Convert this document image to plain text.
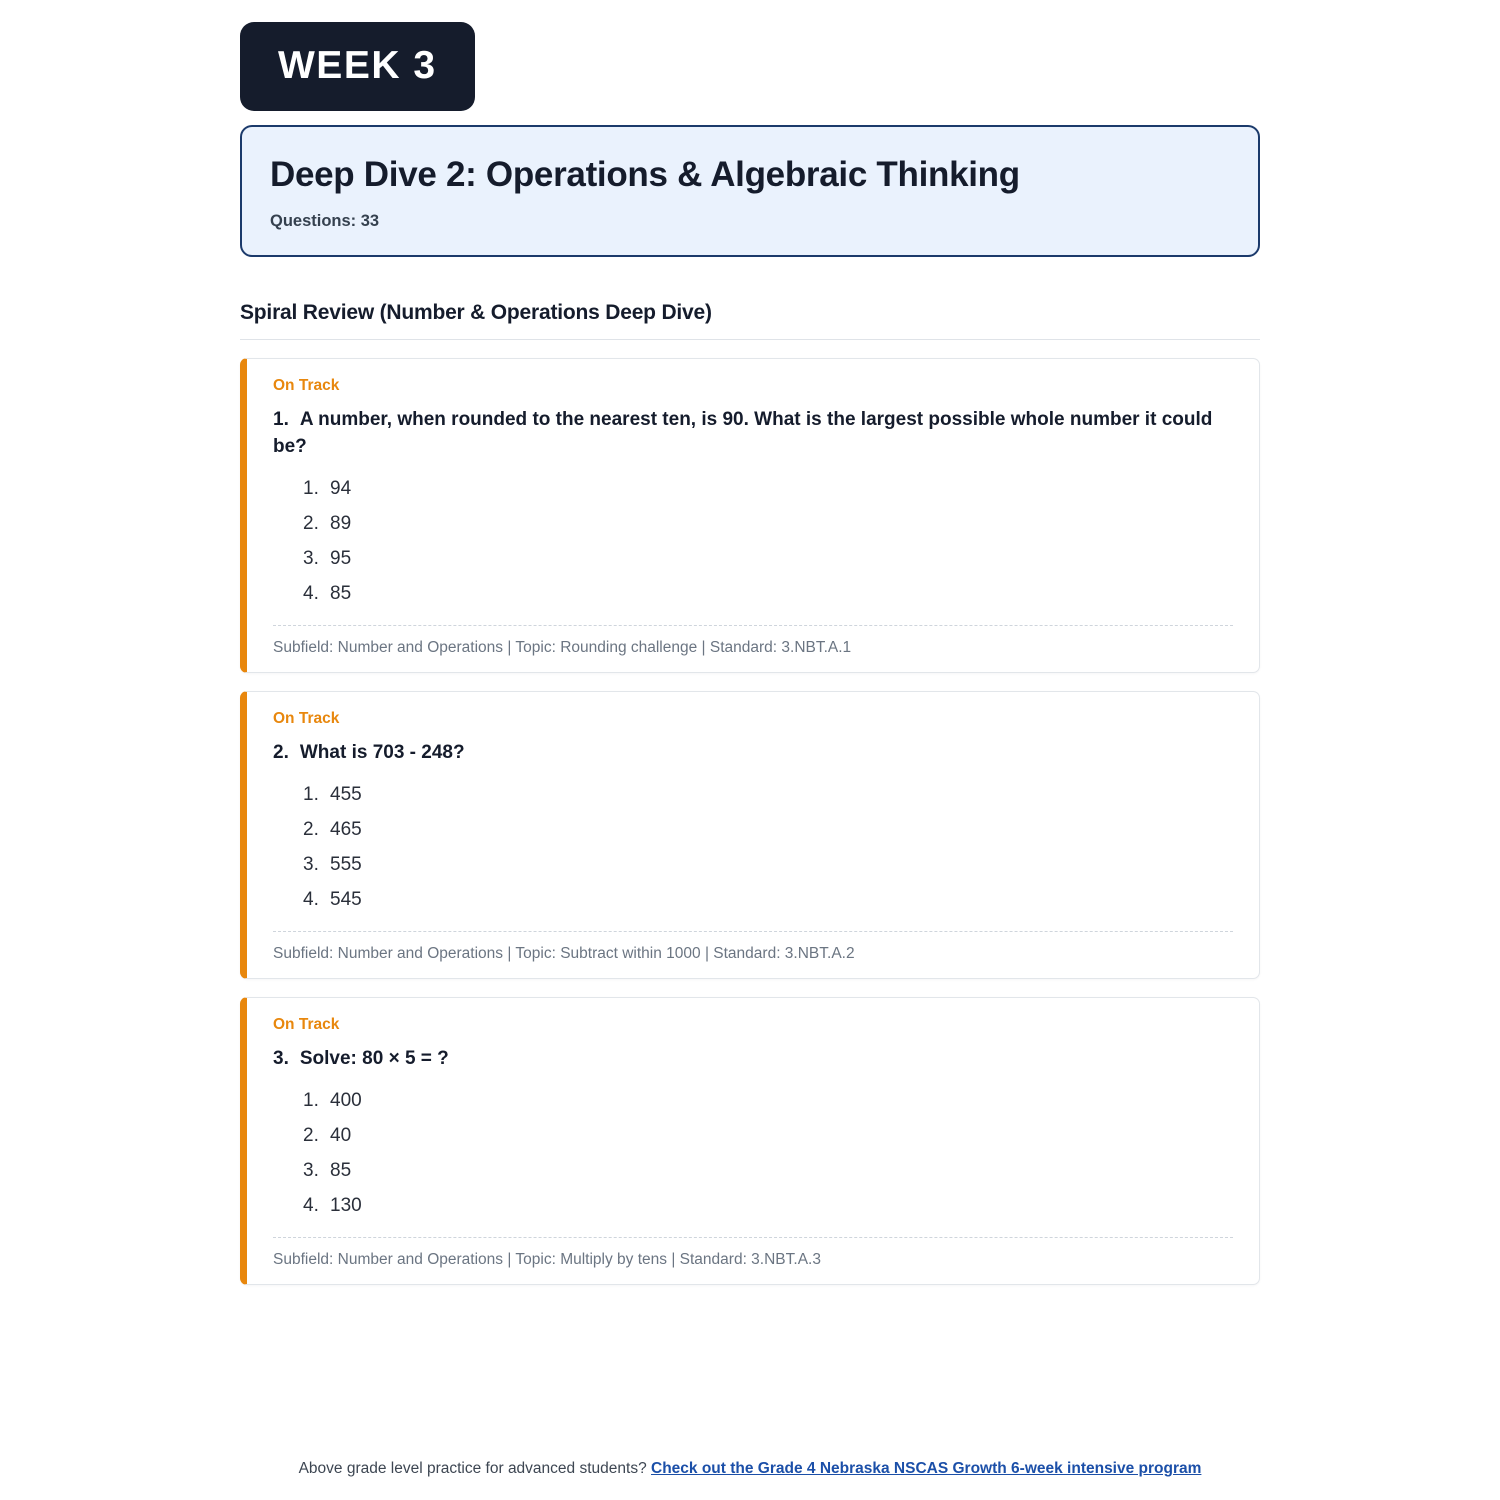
WEEK 3
Deep Dive 2: Operations & Algebraic Thinking
Questions: 33
Spiral Review (Number & Operations Deep Dive)
On Track

1. A number, when rounded to the nearest ten, is 90. What is the largest possible whole number it could be?

1. 94
2. 89
3. 95
4. 85
Subfield: Number and Operations | Topic: Rounding challenge | Standard: 3.NBT.A.1
On Track

2. What is 703 - 248?

1. 455
2. 465
3. 555
4. 545
Subfield: Number and Operations | Topic: Subtract within 1000 | Standard: 3.NBT.A.2
On Track

3. Solve: 80 × 5 = ?

1. 400
2. 40
3. 85
4. 130
Subfield: Number and Operations | Topic: Multiply by tens | Standard: 3.NBT.A.3
Above grade level practice for advanced students? Check out the Grade 4 Nebraska NSCAS Growth 6-week intensive program
